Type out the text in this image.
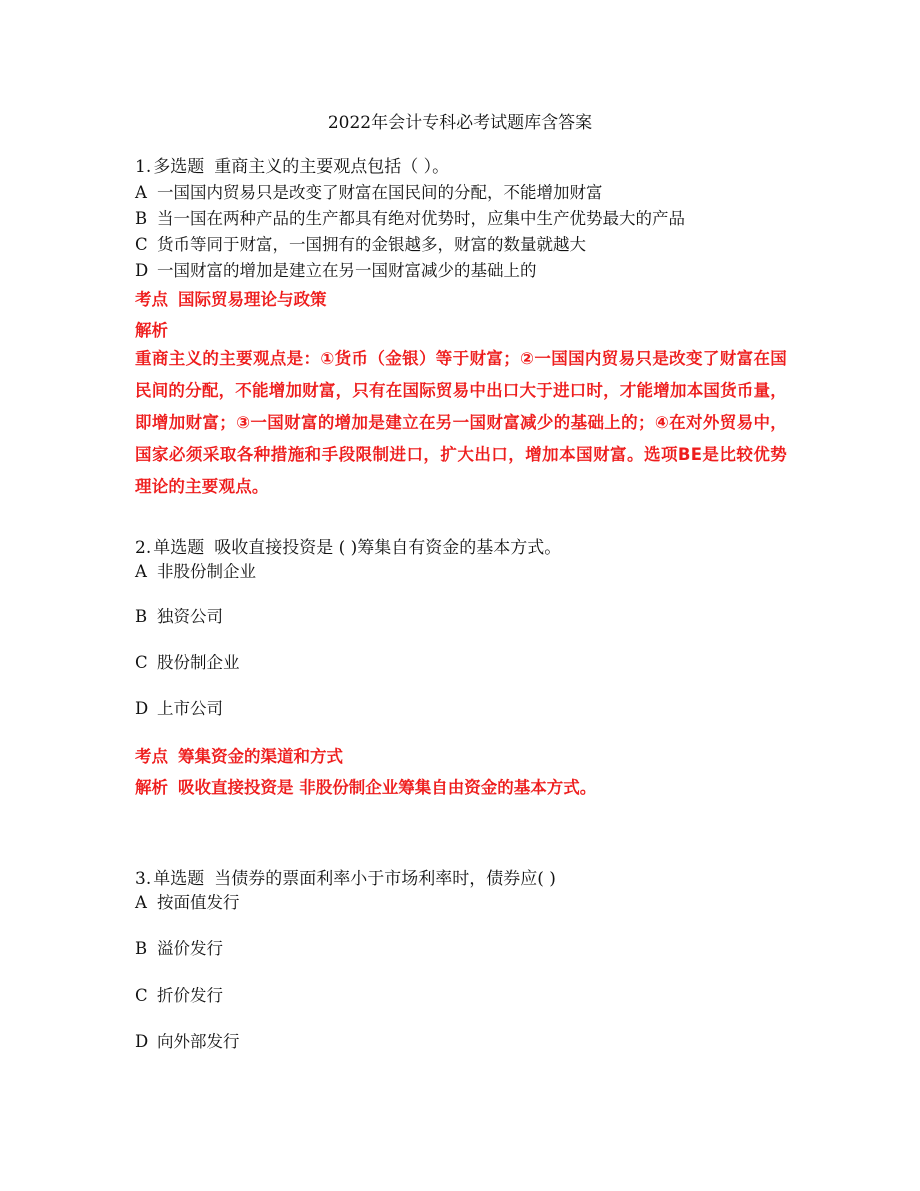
2022年会计专科必考试题库含答案
1. 多选题 重商主义的主要观点包括（ ）。
A 一国国内贸易只是改变了财富在国民间的分配，不能增加财富
B 当一国在两种产品的生产都具有绝对优势时，应集中生产优势最大的产品
C 货币等同于财富，一国拥有的金银越多，财富的数量就越大
D 一国财富的增加是建立在另一国财富减少的基础上的
考点 国际贸易理论与政策
解析
重商主义的主要观点是：①货币（金银）等于财富；②一国国内贸易只是改变了财富在国民间的分配，不能增加财富，只有在国际贸易中出口大于进口时，才能增加本国货币量，即增加财富；③一国财富的增加是建立在另一国财富减少的基础上的；④在对外贸易中，国家必须采取各种措施和手段限制进口，扩大出口，增加本国财富。选项BE是比较优势理论的主要观点。
2. 单选题 吸收直接投资是 ( )筹集自有资金的基本方式。
A 非股份制企业
B 独资公司
C 股份制企业
D 上市公司
考点 筹集资金的渠道和方式
解析 吸收直接投资是 非股份制企业筹集自由资金的基本方式。
3. 单选题 当债券的票面利率小于市场利率时，债券应( )
A 按面值发行
B 溢价发行
C 折价发行
D 向外部发行
